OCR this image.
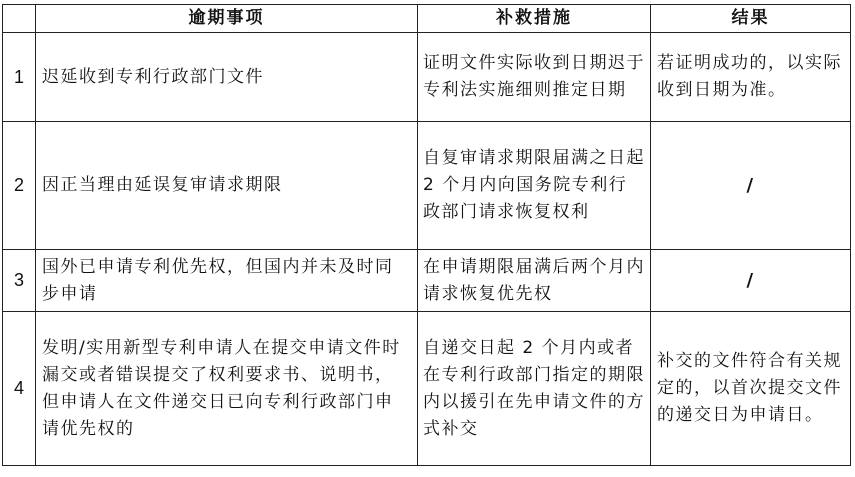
	逾期事项	补救措施	结果
1	迟延收到专利行政部门文件	证明文件实际收到日期迟于专利法实施细则推定日期	若证明成功的，以实际收到日期为准。
2	因正当理由延误复审请求期限	自复审请求期限届满之日起 2 个月内向国务院专利行政部门请求恢复权利	/
3	国外已申请专利优先权，但国内并未及时同步申请	在申请期限届满后两个月内请求恢复优先权	/
4	发明/实用新型专利申请人在提交申请文件时漏交或者错误提交了权利要求书、说明书，但申请人在文件递交日已向专利行政部门申请优先权的	自递交日起 2 个月内或者在专利行政部门指定的期限内以援引在先申请文件的方式补交	补交的文件符合有关规定的，以首次提交文件的递交日为申请日。
